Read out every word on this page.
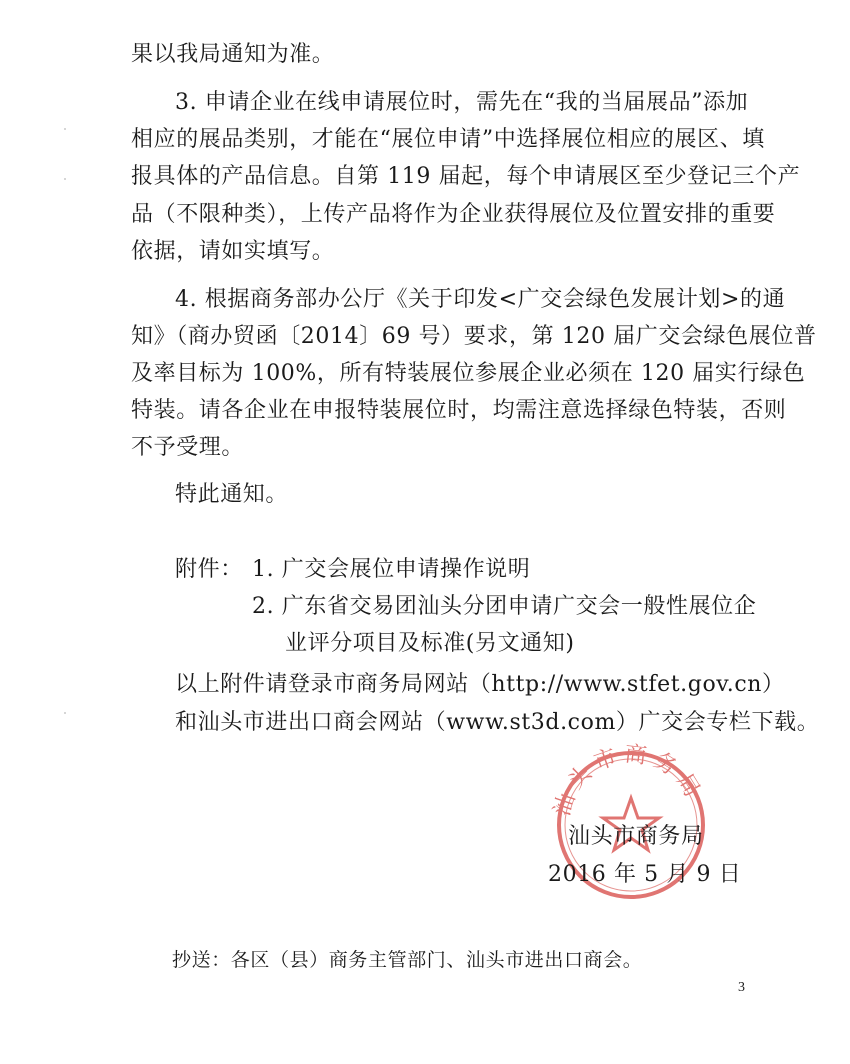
果以我局通知为准。
3. 申请企业在线申请展位时，需先在“我的当届展品”添加
相应的展品类别，才能在“展位申请”中选择展位相应的展区、填
报具体的产品信息。自第 119 届起，每个申请展区至少登记三个产
品（不限种类），上传产品将作为企业获得展位及位置安排的重要
依据，请如实填写。
4. 根据商务部办公厅《关于印发<广交会绿色发展计划>的通
知》（商办贸函〔2014〕69 号）要求，第 120 届广交会绿色展位普
及率目标为 100%，所有特装展位参展企业必须在 120 届实行绿色
特装。请各企业在申报特装展位时，均需注意选择绿色特装，否则
不予受理。
特此通知。
附件： 1. 广交会展位申请操作说明
2. 广东省交易团汕头分团申请广交会一般性展位企
业评分项目及标准(另文通知)
以上附件请登录市商务局网站（http://www.stfet.gov.cn）
和汕头市进出口商会网站（www.st3d.com）广交会专栏下载。
汕头市商务局
汕头市商务局
2016 年 5 月 9 日
抄送：各区（县）商务主管部门、汕头市进出口商会。
3
